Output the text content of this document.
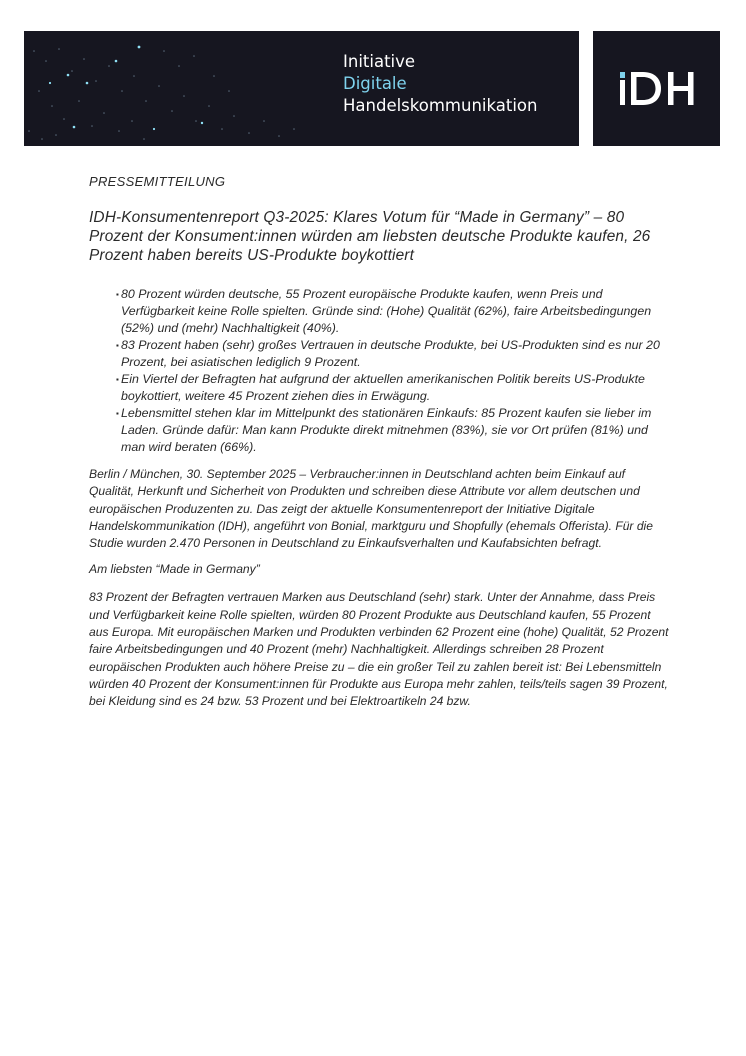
Initiative
Digitale
Handelskommunikation

PRESSEMITTEILUNG

IDH-Konsumentenreport Q3-2025: Klares Votum für “Made in Germany” – 80 Prozent der Konsument:innen würden am liebsten deutsche Produkte kaufen, 26 Prozent haben bereits US-Produkte boykottiert

▪ 80 Prozent würden deutsche, 55 Prozent europäische Produkte kaufen, wenn Preis und Verfügbarkeit keine Rolle spielten. Gründe sind: (Hohe) Qualität (62%), faire Arbeitsbedingungen (52%) und (mehr) Nachhaltigkeit (40%).
▪ 83 Prozent haben (sehr) großes Vertrauen in deutsche Produkte, bei US-Produkten sind es nur 20 Prozent, bei asiatischen lediglich 9 Prozent.
▪ Ein Viertel der Befragten hat aufgrund der aktuellen amerikanischen Politik bereits US-Produkte boykottiert, weitere 45 Prozent ziehen dies in Erwägung.
▪ Lebensmittel stehen klar im Mittelpunkt des stationären Einkaufs: 85 Prozent kaufen sie lieber im Laden. Gründe dafür: Man kann Produkte direkt mitnehmen (83%), sie vor Ort prüfen (81%) und man wird beraten (66%).

Berlin / München, 30. September 2025 – Verbraucher:innen in Deutschland achten beim Einkauf auf Qualität, Herkunft und Sicherheit von Produkten und schreiben diese Attribute vor allem deutschen und europäischen Produzenten zu. Das zeigt der aktuelle Konsumentenreport der Initiative Digitale Handelskommunikation (IDH), angeführt von Bonial, marktguru und Shopfully (ehemals Offerista). Für die Studie wurden 2.470 Personen in Deutschland zu Einkaufsverhalten und Kaufabsichten befragt.

Am liebsten “Made in Germany”

83 Prozent der Befragten vertrauen Marken aus Deutschland (sehr) stark. Unter der Annahme, dass Preis und Verfügbarkeit keine Rolle spielten, würden 80 Prozent Produkte aus Deutschland kaufen, 55 Prozent aus Europa. Mit europäischen Marken und Produkten verbinden 62 Prozent eine (hohe) Qualität, 52 Prozent faire Arbeitsbedingungen und 40 Prozent (mehr) Nachhaltigkeit. Allerdings schreiben 28 Prozent europäischen Produkten auch höhere Preise zu – die ein großer Teil zu zahlen bereit ist: Bei Lebensmitteln würden 40 Prozent der Konsument:innen für Produkte aus Europa mehr zahlen, teils/teils sagen 39 Prozent, bei Kleidung sind es 24 bzw. 53 Prozent und bei Elektroartikeln 24 bzw.
